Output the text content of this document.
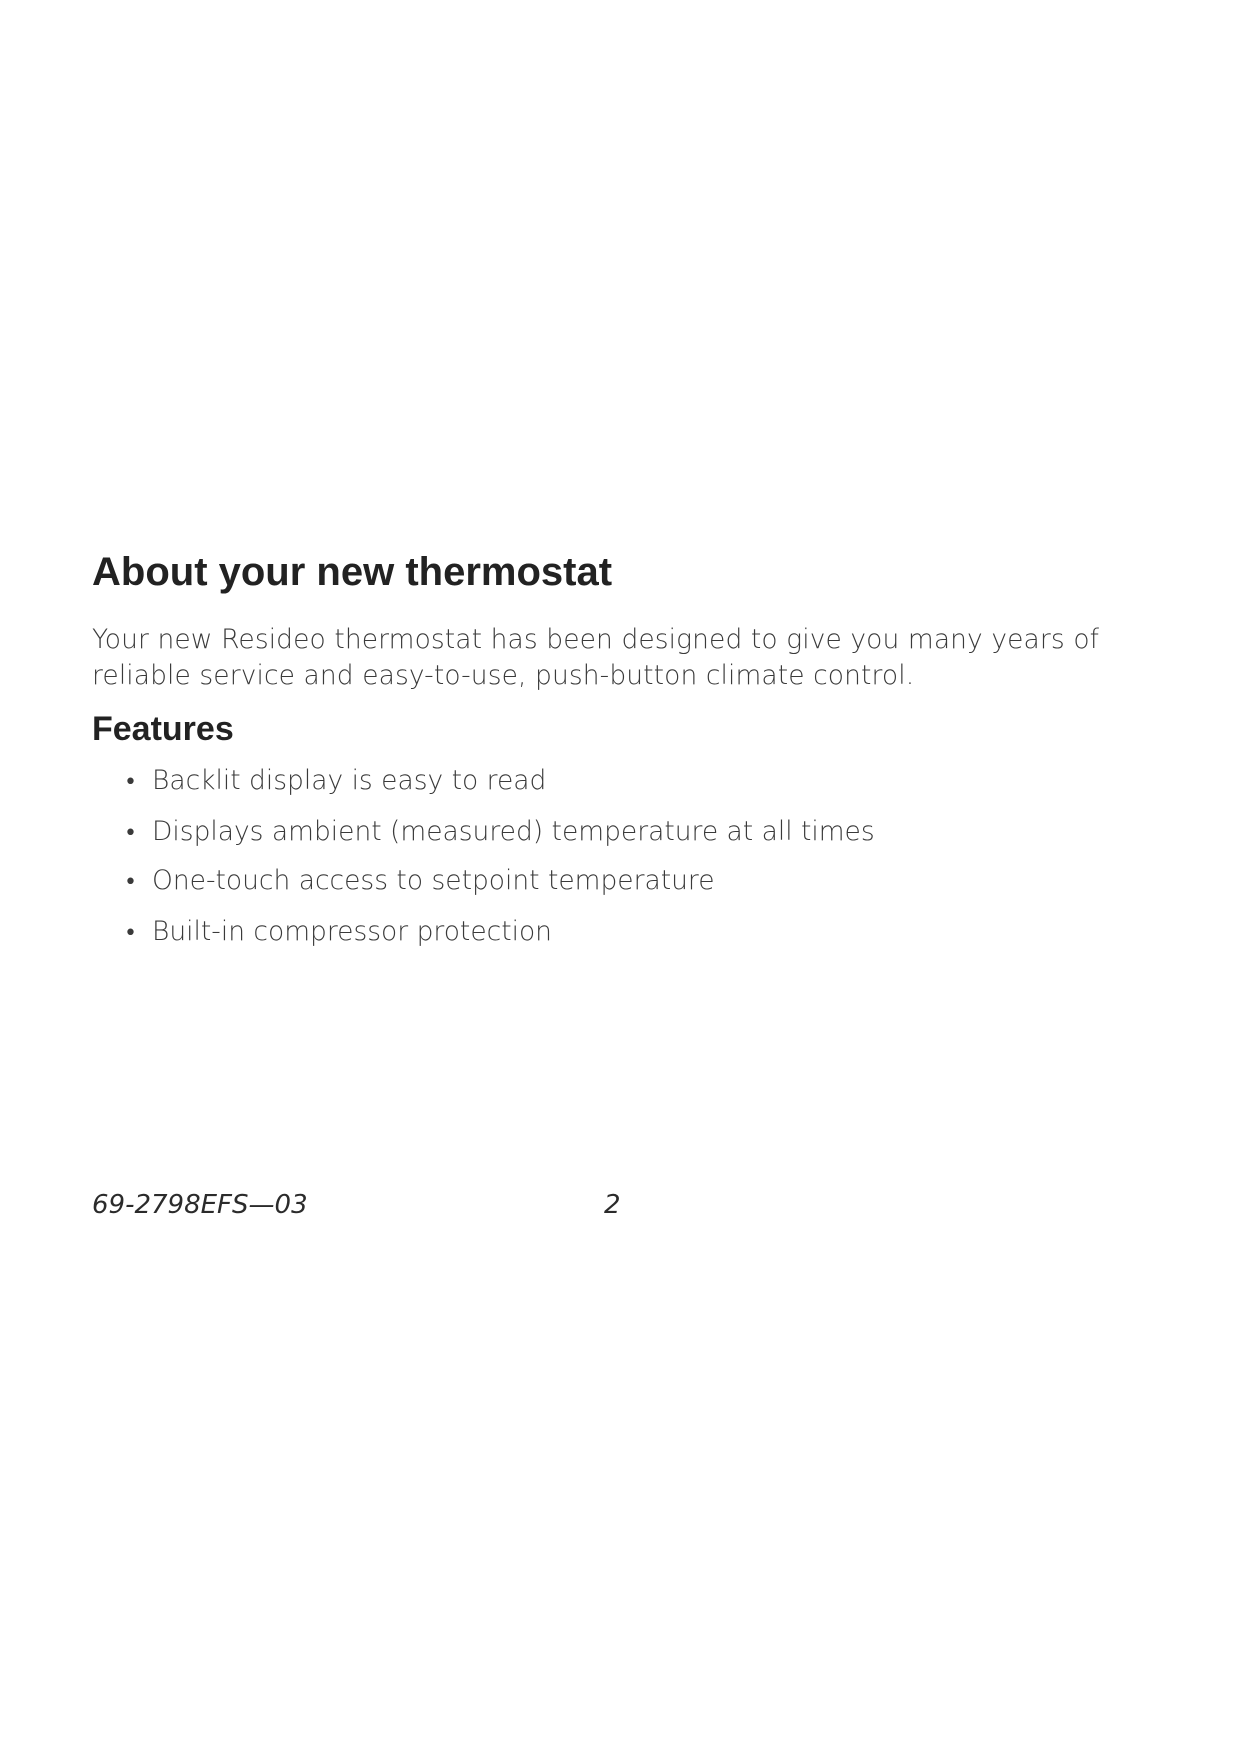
About your new thermostat

Your new Resideo thermostat has been designed to give you many years of
reliable service and easy-to-use, push-button climate control.

Features
• Backlit display is easy to read
• Displays ambient (measured) temperature at all times
• One-touch access to setpoint temperature
• Built-in compressor protection
69-2798EFS—03	2
